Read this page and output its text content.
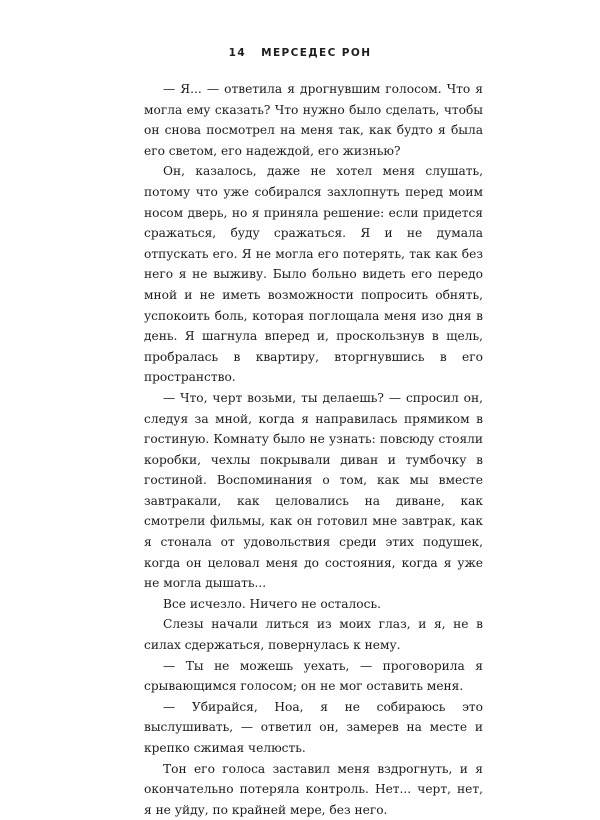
14 МЕРСЕДЕС РОН

— Я... — ответила я дрогнувшим голосом. Что я могла ему сказать? Что нужно было сделать, чтобы он снова посмотрел на меня так, как будто я была его светом, его надеждой, его жизнью?

Он, казалось, даже не хотел меня слушать, потому что уже собирался захлопнуть перед моим носом дверь, но я приняла решение: если придется сражаться, буду сражаться. Я и не думала отпускать его. Я не могла его потерять, так как без него я не выживу. Было больно видеть его передо мной и не иметь возможности попросить обнять, успокоить боль, которая поглощала меня изо дня в день. Я шагнула вперед и, проскользнув в щель, пробралась в квартиру, вторгнувшись в его пространство.

— Что, черт возьми, ты делаешь? — спросил он, следуя за мной, когда я направилась прямиком в гостиную. Комнату было не узнать: повсюду стояли коробки, чехлы покрывали диван и тумбочку в гостиной. Воспоминания о том, как мы вместе завтракали, как целовались на диване, как смотрели фильмы, как он готовил мне завтрак, как я стонала от удовольствия среди этих подушек, когда он целовал меня до состояния, когда я уже не могла дышать...

Все исчезло. Ничего не осталось.

Слезы начали литься из моих глаз, и я, не в силах сдержаться, повернулась к нему.

— Ты не можешь уехать, — проговорила я срывающимся голосом; он не мог оставить меня.

— Убирайся, Ноа, я не собираюсь это выслушивать, — ответил он, замерев на месте и крепко сжимая челюсть.

Тон его голоса заставил меня вздрогнуть, и я окончательно потеряла контроль. Нет... черт, нет, я не уйду, по крайней мере, без него.
